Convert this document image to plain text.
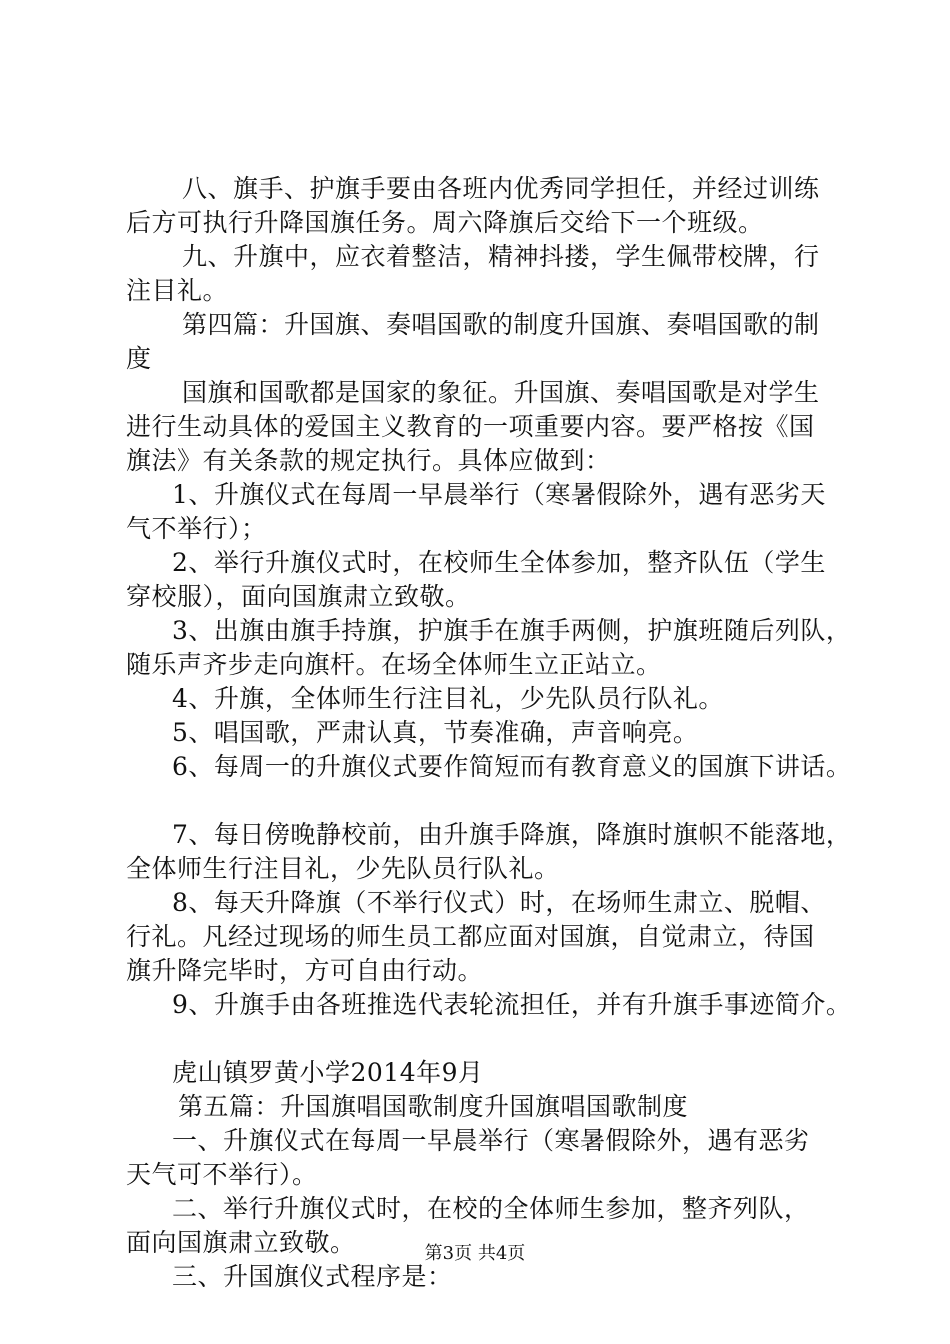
八、旗手、护旗手要由各班内优秀同学担任，并经过训练
后方可执行升降国旗任务。周六降旗后交给下一个班级。
九、升旗中，应衣着整洁，精神抖搂，学生佩带校牌，行
注目礼。
第四篇：升国旗、奏唱国歌的制度升国旗、奏唱国歌的制
度
国旗和国歌都是国家的象征。升国旗、奏唱国歌是对学生
进行生动具体的爱国主义教育的一项重要内容。要严格按《国
旗法》有关条款的规定执行。具体应做到：
1、升旗仪式在每周一早晨举行（寒暑假除外，遇有恶劣天
气不举行）；
2、举行升旗仪式时，在校师生全体参加，整齐队伍（学生
穿校服），面向国旗肃立致敬。
3、出旗由旗手持旗，护旗手在旗手两侧，护旗班随后列队，
随乐声齐步走向旗杆。在场全体师生立正站立。
4、升旗，全体师生行注目礼，少先队员行队礼。
5、唱国歌，严肃认真，节奏准确，声音响亮。
6、每周一的升旗仪式要作简短而有教育意义的国旗下讲话。
7、每日傍晚静校前，由升旗手降旗，降旗时旗帜不能落地，
全体师生行注目礼，少先队员行队礼。
8、每天升降旗（不举行仪式）时，在场师生肃立、脱帽、
行礼。凡经过现场的师生员工都应面对国旗，自觉肃立，待国
旗升降完毕时，方可自由行动。
9、升旗手由各班推选代表轮流担任，并有升旗手事迹简介。
虎山镇罗黄小学2014年9月
第五篇：升国旗唱国歌制度升国旗唱国歌制度
一、升旗仪式在每周一早晨举行（寒暑假除外，遇有恶劣
天气可不举行）。
二、举行升旗仪式时，在校的全体师生参加，整齐列队，
面向国旗肃立致敬。
三、升国旗仪式程序是：
第3页 共4页
